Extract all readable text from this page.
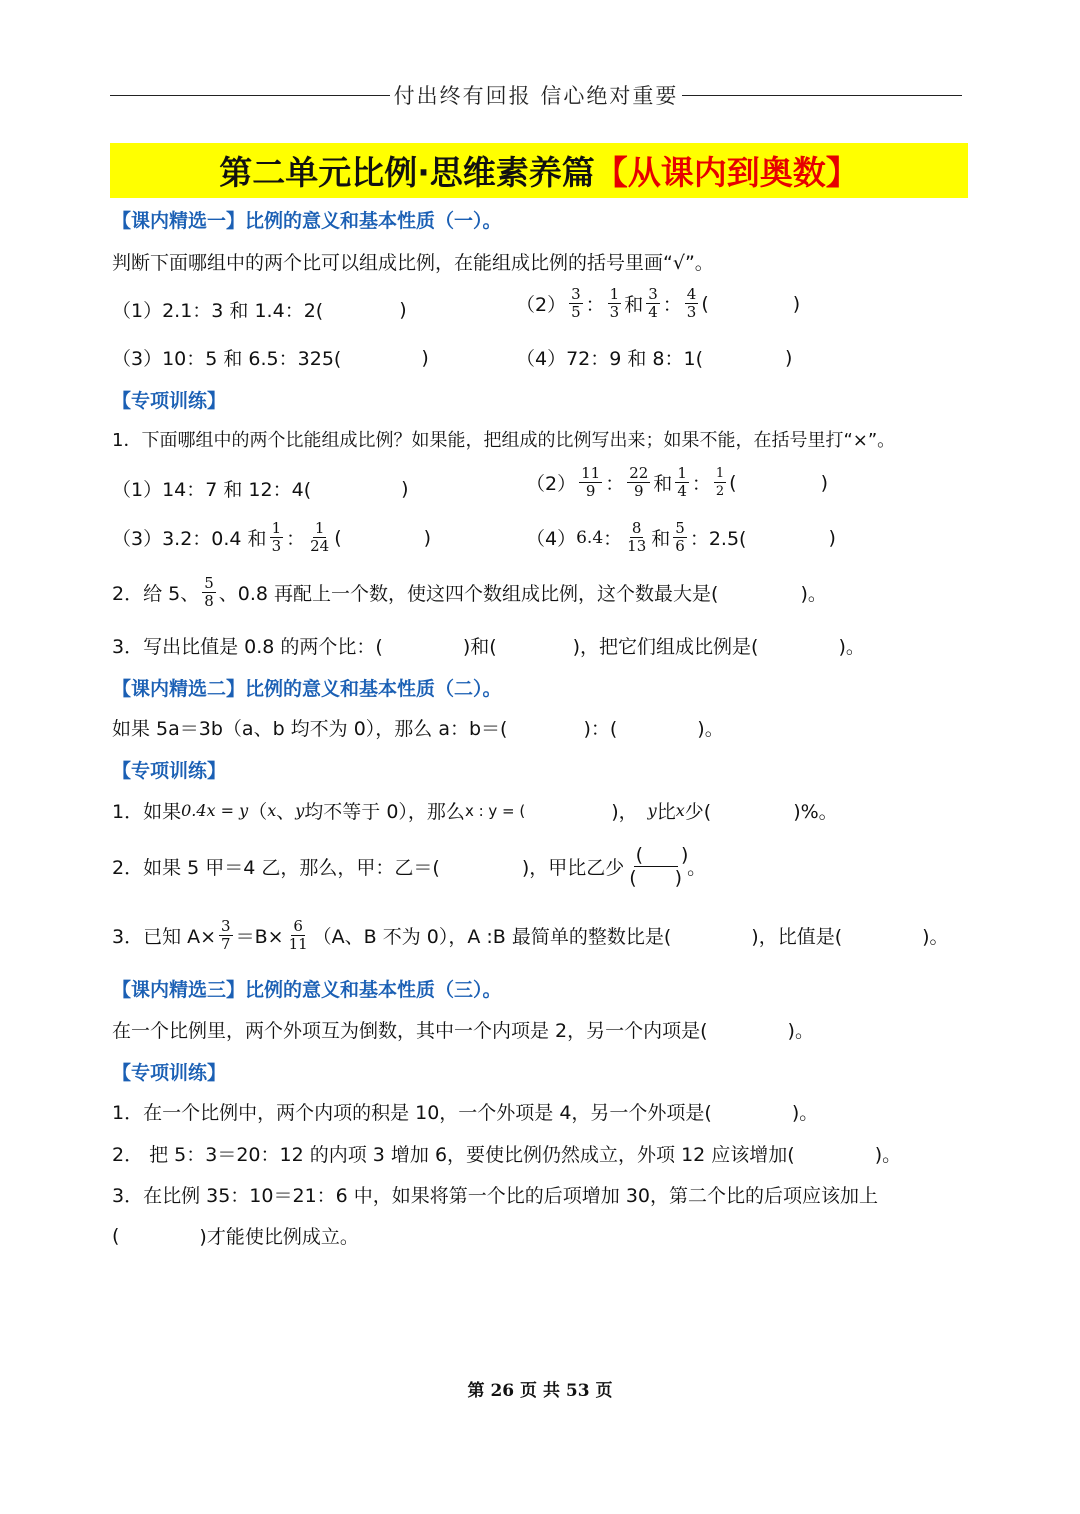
付出终有回报 信心绝对重要
第二单元比例·思维素养篇 【从课内到奥数】
【课内精选一】比例的意义和基本性质（一）。
判断下面哪组中的两个比可以组成比例，在能组成比例的括号里画“√”。
（1）2.1：3 和 1.4：2(	)	$(2) \frac{3}{5}$ ： $\frac{1}{3}$ 和 $\frac{3}{4}$ ： $\frac{4}{3}$ (	)
（3）10：5 和 6.5：325(	)	（4）72：9 和 8：1(	)
【专项训练】
1．下面哪组中的两个比能组成比例？如果能，把组成的比例写出来；如果不能，在括号里打“×”。
（1）14：7 和 12：4(	)	$(2) \frac{11}{9}$ ： $\frac{22}{9}$ 和 $\frac{1}{4}$ ： $\frac{1}{2}$ (	)
（3）3.2：0.4 和 $\frac{1}{3}$ ： $\frac{1}{24}$ (	)	（4） 6.4 ： $\frac{8}{13}$ 和 $\frac{5}{6}$ ：2.5(	)
2．给 5、 $\frac{5}{8}$ 、0.8 再配上一个数，使这四个数组成比例，这个数最大是(	)。
3．写出比值是 0.8 的两个比：(	)和(	)，把它们组成比例是(	)。
【课内精选二】比例的意义和基本性质（二）。
如果 5a＝3b（a、b 均不为 0），那么 a：b＝(	)：(	)。
【专项训练】
1．如果 0.4x = y （ x 、 y 均不等于 0），那么 x : y = (	)， y 比 x 少(	)%。
2．如果 5 甲＝4 乙，那么，甲：乙＝(	)，甲比乙少 $\frac{( )}{( )}$ 。
3．已知 $A\times \frac{3}{7} =B\times \frac{6}{11} (A$、B 不为 0），A :B 最简单的整数比是(	)，比值是(	)。
【课内精选三】比例的意义和基本性质（三）。
在一个比例里，两个外项互为倒数，其中一个内项是 2，另一个内项是(	)。
【专项训练】
1．在一个比例中，两个内项的积是 10，一个外项是 4，另一个外项是(	)。
2． 把 5：3＝20：12 的内项 3 增加 6，要使比例仍然成立，外项 12 应该增加(	)。
3．在比例 35：10＝21：6 中，如果将第一个比的后项增加 30，第二个比的后项应该加上
(	)才能使比例成立。
第 26 页 共 53 页
